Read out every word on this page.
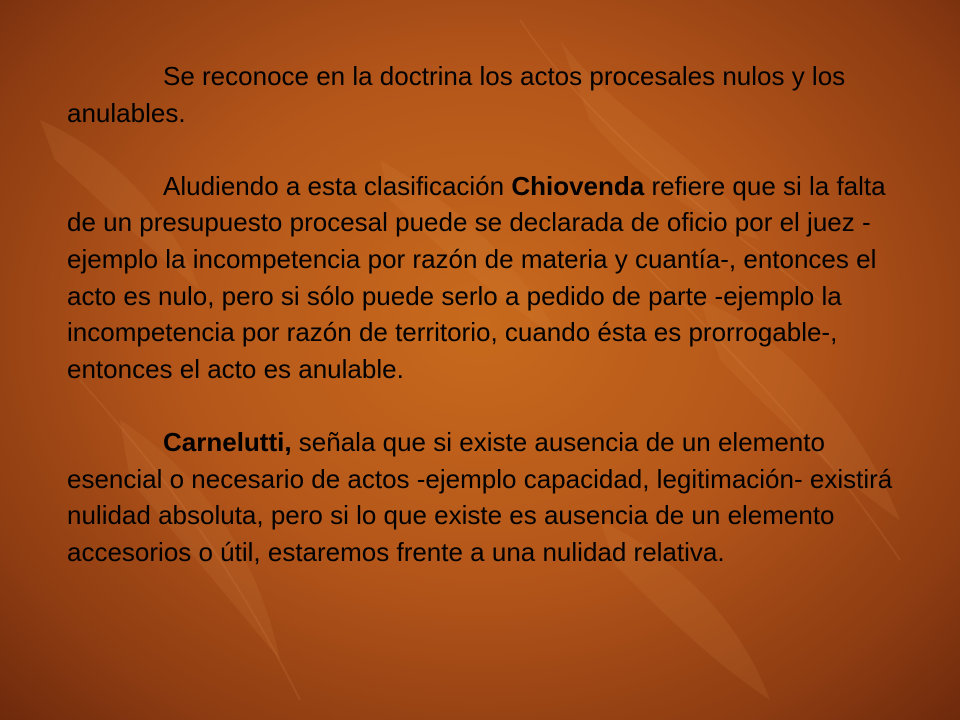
Se reconoce en la doctrina los actos procesales nulos y los anulables.

Aludiendo a esta clasificación Chiovenda refiere que si la falta de un presupuesto procesal puede se declarada de oficio por el juez -ejemplo la incompetencia por razón de materia y cuantía-, entonces el acto es nulo, pero si sólo puede serlo a pedido de parte -ejemplo la incompetencia por razón de territorio, cuando ésta es prorrogable-, entonces el acto es anulable.

Carnelutti, señala que si existe ausencia de un elemento esencial o necesario de actos -ejemplo capacidad, legitimación- existirá nulidad absoluta, pero si lo que existe es ausencia de un elemento accesorios o útil, estaremos frente a una nulidad relativa.
